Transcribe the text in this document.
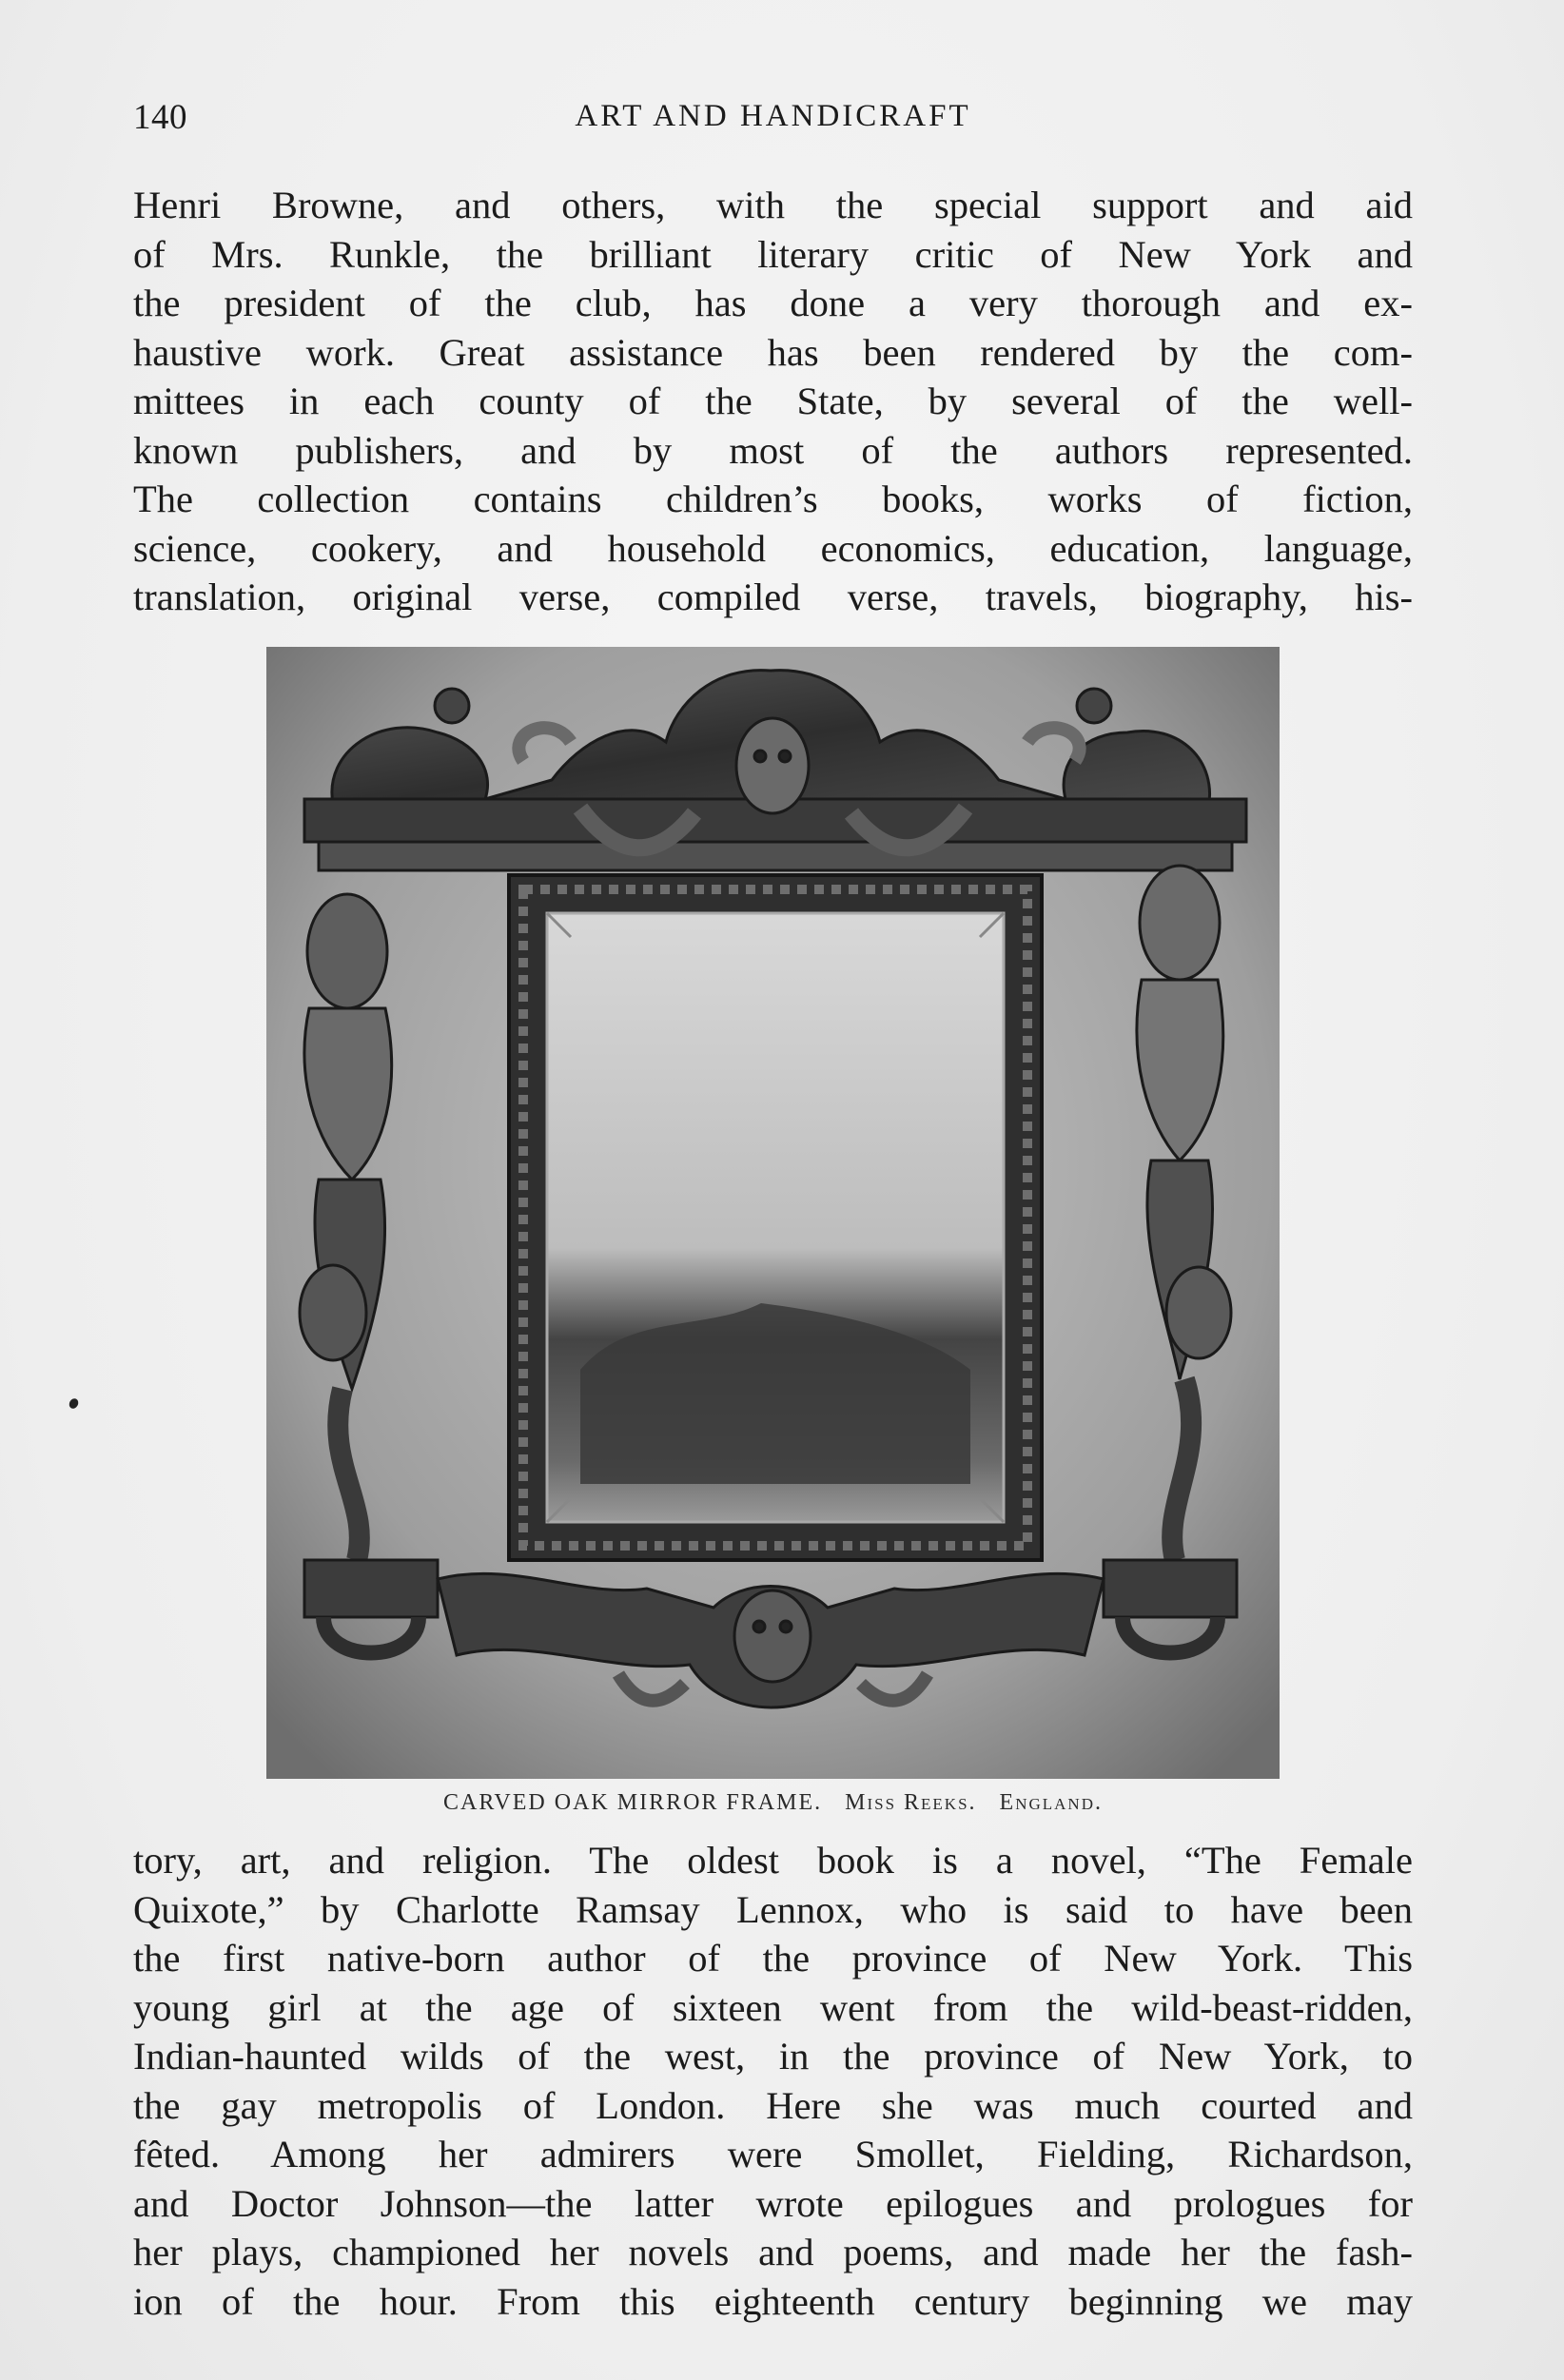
140	ART AND HANDICRAFT
Henri Browne, and others, with the special support and aid
of Mrs. Runkle, the brilliant literary critic of New York and
the president of the club, has done a very thorough and ex-
haustive work. Great assistance has been rendered by the com-
mittees in each county of the State, by several of the well-
known publishers, and by most of the authors represented.
The collection contains children’s books, works of fiction,
science, cookery, and household economics, education, language,
translation, original verse, compiled verse, travels, biography, his-
CARVED OAK MIRROR FRAME. Miss Reeks. England.
tory, art, and religion. The oldest book is a novel, “The Female
Quixote,” by Charlotte Ramsay Lennox, who is said to have been
the first native-born author of the province of New York. This
young girl at the age of sixteen went from the wild-beast-ridden,
Indian-haunted wilds of the west, in the province of New York, to
the gay metropolis of London. Here she was much courted and
fêted. Among her admirers were Smollet, Fielding, Richardson,
and Doctor Johnson—the latter wrote epilogues and prologues for
her plays, championed her novels and poems, and made her the fash-
ion of the hour. From this eighteenth century beginning we may
